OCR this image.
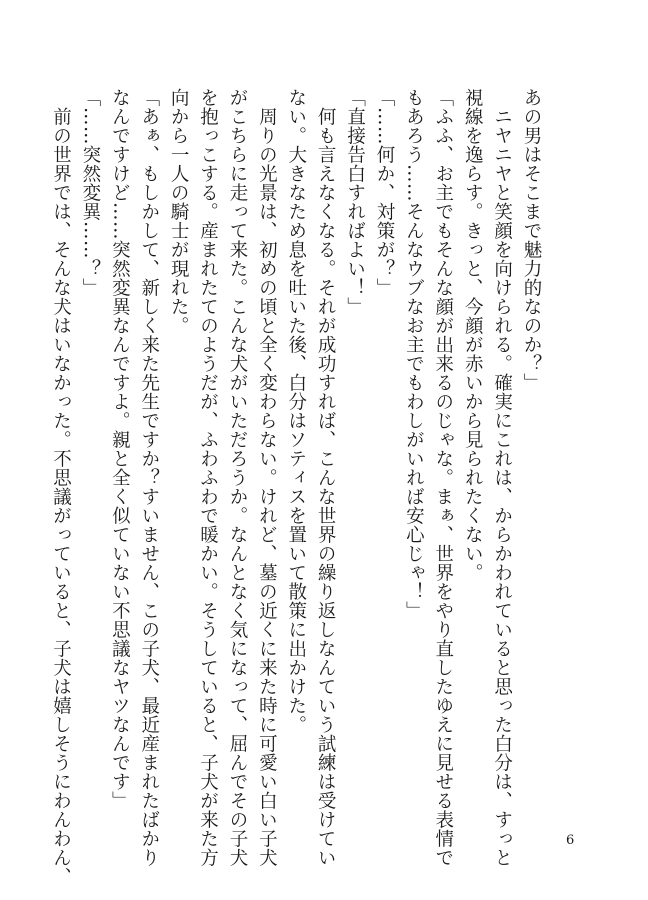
あの男はそこまで魅力的なのか？」

　ニヤニヤと笑顔を向けられる。確実にこれは、からかわれていると思った白分は、すっと

視線を逸らす。きっと、今顔が赤いから見られたくない。

「ふふ、お主でもそんな顔が出来るのじゃな。まぁ、世界をやり直したゆえに見せる表情で

もあろう……そんなウブなお主でもわしがいれば安心じゃ！」

「……何か、対策が？」

「直接告白すればよい！」

　何も言えなくなる。それが成功すれば、こんな世界の繰り返しなんていう試練は受けてい

ない。大きなため息を吐いた後、白分はソティスを置いて散策に出かけた。

　周りの光景は、初めの頃と全く変わらない。けれど、墓の近くに来た時に可愛い白い子犬

がこちらに走って来た。こんな犬がいただろうか。なんとなく気になって、屈んでその子犬

を抱っこする。産まれたてのようだが、ふわふわで暖かい。そうしていると、子犬が来た方

向から一人の騎士が現れた。

「あぁ、もしかして、新しく来た先生ですか？すいません、この子犬、最近産まれたばかり

なんですけど……突然変異なんですよ。親と全く似ていない不思議なヤツなんです」

「……突然変異……？」

　前の世界では、そんな犬はいなかった。不思議がっていると、子犬は嬉しそうにわんわん、	6
